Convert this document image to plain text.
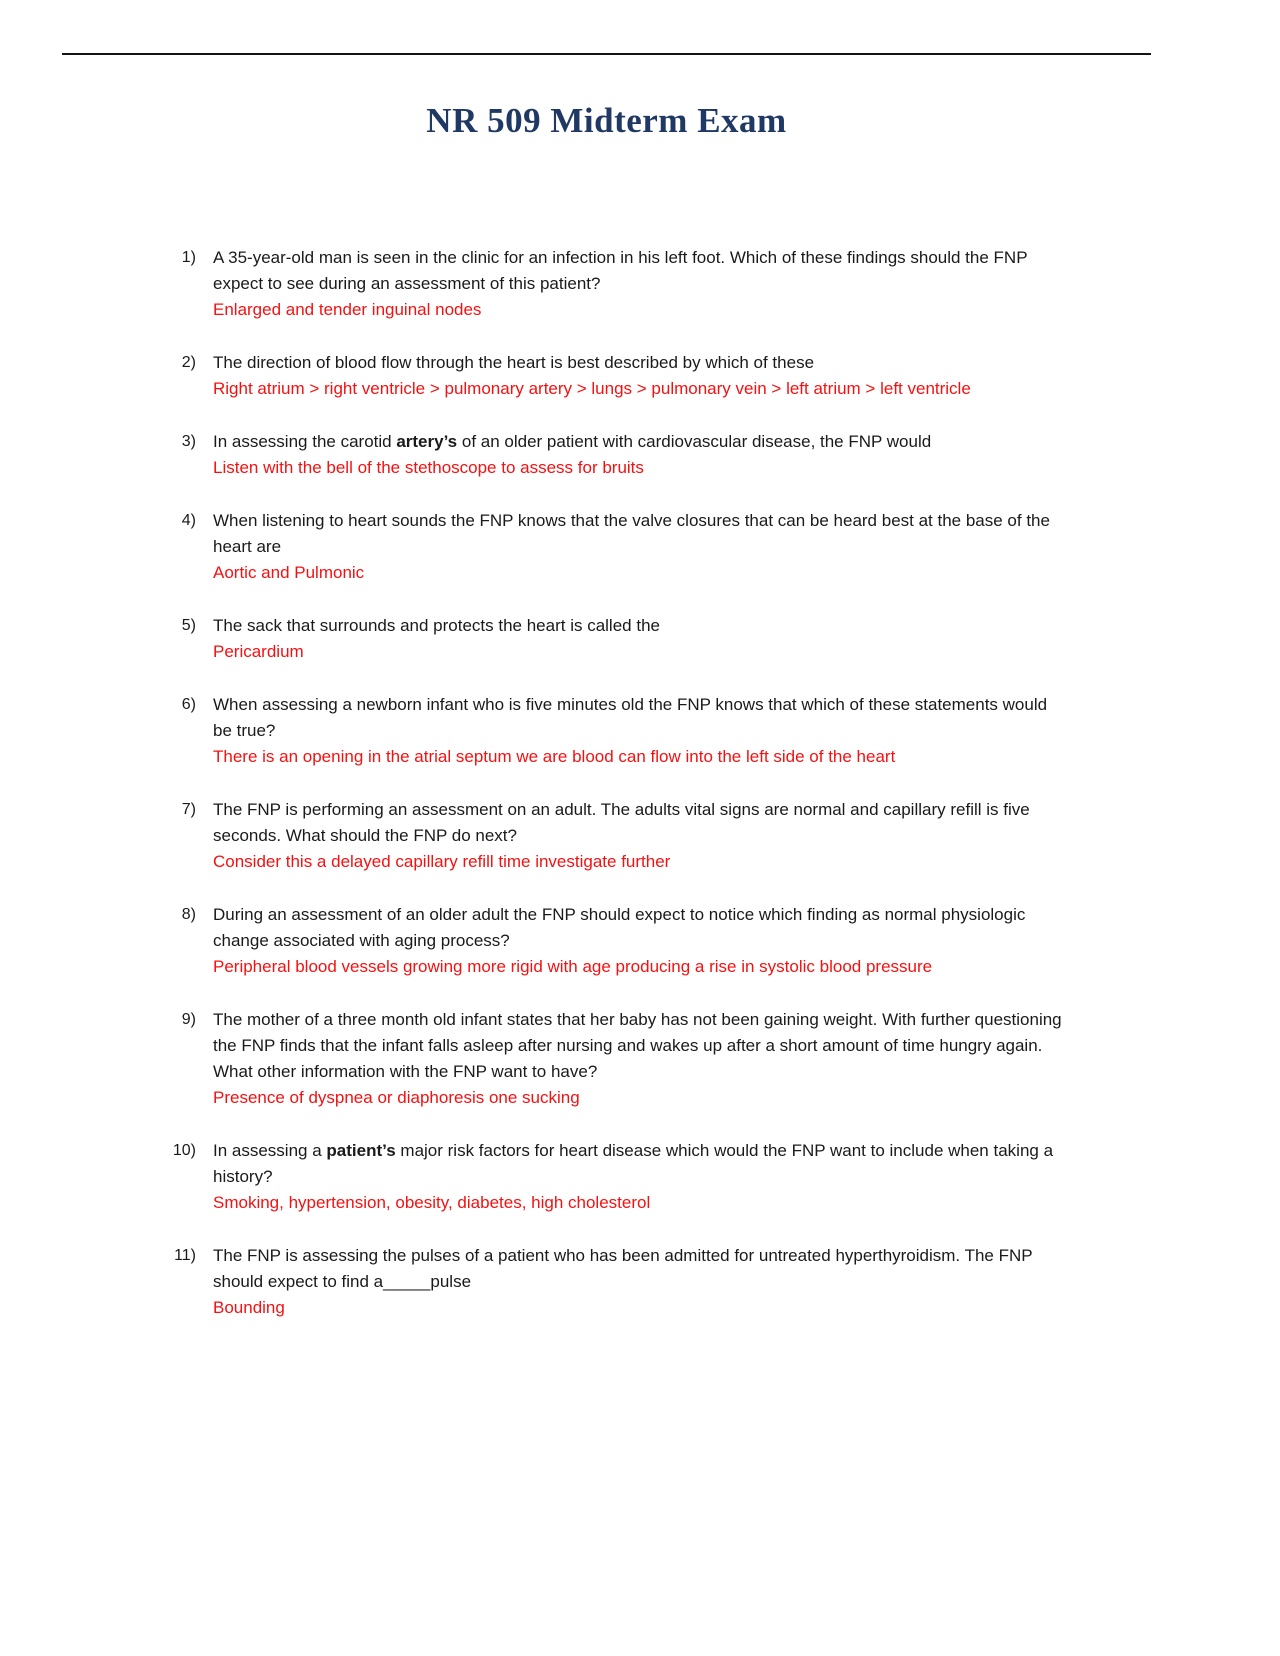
NR 509 Midterm Exam
1) A 35-year-old man is seen in the clinic for an infection in his left foot. Which of these findings should the FNP expect to see during an assessment of this patient?
Enlarged and tender inguinal nodes
2) The direction of blood flow through the heart is best described by which of these
Right atrium > right ventricle > pulmonary artery > lungs > pulmonary vein > left atrium > left ventricle
3) In assessing the carotid artery’s of an older patient with cardiovascular disease, the FNP would
Listen with the bell of the stethoscope to assess for bruits
4) When listening to heart sounds the FNP knows that the valve closures that can be heard best at the base of the heart are
Aortic and Pulmonic
5) The sack that surrounds and protects the heart is called the
Pericardium
6) When assessing a newborn infant who is five minutes old the FNP knows that which of these statements would be true?
There is an opening in the atrial septum we are blood can flow into the left side of the heart
7) The FNP is performing an assessment on an adult. The adults vital signs are normal and capillary refill is five seconds. What should the FNP do next?
Consider this a delayed capillary refill time investigate further
8) During an assessment of an older adult the FNP should expect to notice which finding as normal physiologic change associated with aging process?
Peripheral blood vessels growing more rigid with age producing a rise in systolic blood pressure
9) The mother of a three month old infant states that her baby has not been gaining weight. With further questioning the FNP finds that the infant falls asleep after nursing and wakes up after a short amount of time hungry again. What other information with the FNP want to have?
Presence of dyspnea or diaphoresis one sucking
10) In assessing a patient’s major risk factors for heart disease which would the FNP want to include when taking a history?
Smoking, hypertension, obesity, diabetes, high cholesterol
11) The FNP is assessing the pulses of a patient who has been admitted for untreated hyperthyroidism. The FNP should expect to find a_____pulse
Bounding
